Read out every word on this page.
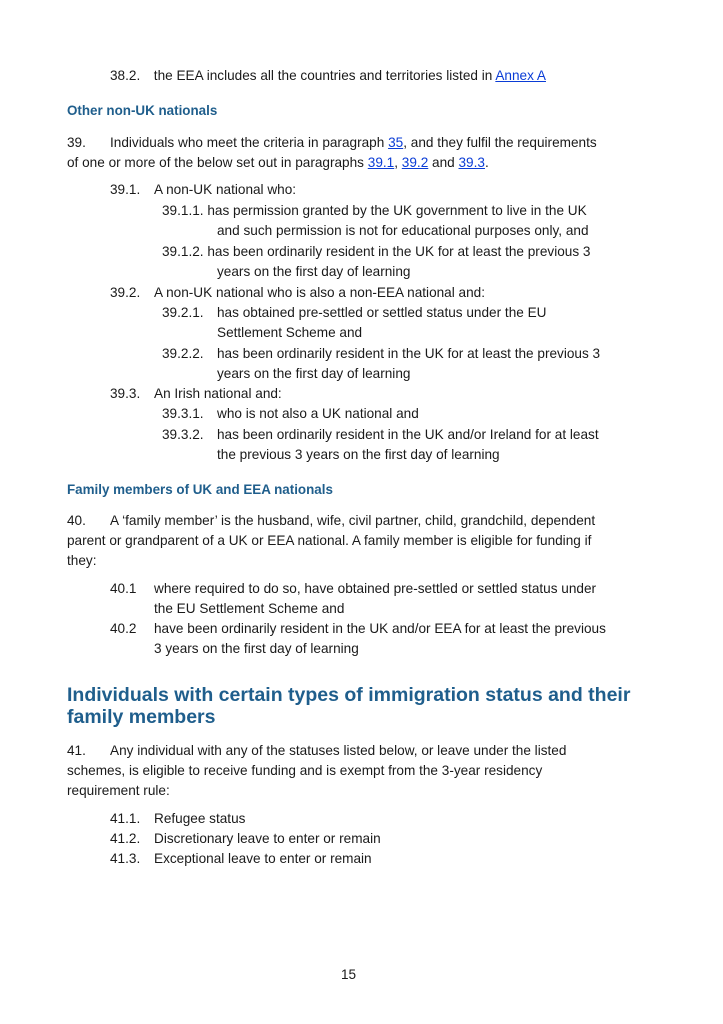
38.2. the EEA includes all the countries and territories listed in Annex A
Other non-UK nationals
39. Individuals who meet the criteria in paragraph 35, and they fulfil the requirements
of one or more of the below set out in paragraphs 39.1, 39.2 and 39.3.
39.1. A non-UK national who:
39.1.1. has permission granted by the UK government to live in the UK
and such permission is not for educational purposes only, and
39.1.2. has been ordinarily resident in the UK for at least the previous 3
years on the first day of learning
39.2. A non-UK national who is also a non-EEA national and:
39.2.1. has obtained pre-settled or settled status under the EU
Settlement Scheme and
39.2.2. has been ordinarily resident in the UK for at least the previous 3
years on the first day of learning
39.3. An Irish national and:
39.3.1. who is not also a UK national and
39.3.2. has been ordinarily resident in the UK and/or Ireland for at least
the previous 3 years on the first day of learning
Family members of UK and EEA nationals
40. A ‘family member’ is the husband, wife, civil partner, child, grandchild, dependent
parent or grandparent of a UK or EEA national. A family member is eligible for funding if
they:
40.1 where required to do so, have obtained pre-settled or settled status under
the EU Settlement Scheme and
40.2 have been ordinarily resident in the UK and/or EEA for at least the previous
3 years on the first day of learning
Individuals with certain types of immigration status and their
family members
41. Any individual with any of the statuses listed below, or leave under the listed
schemes, is eligible to receive funding and is exempt from the 3-year residency
requirement rule:
41.1. Refugee status
41.2. Discretionary leave to enter or remain
41.3. Exceptional leave to enter or remain
15
